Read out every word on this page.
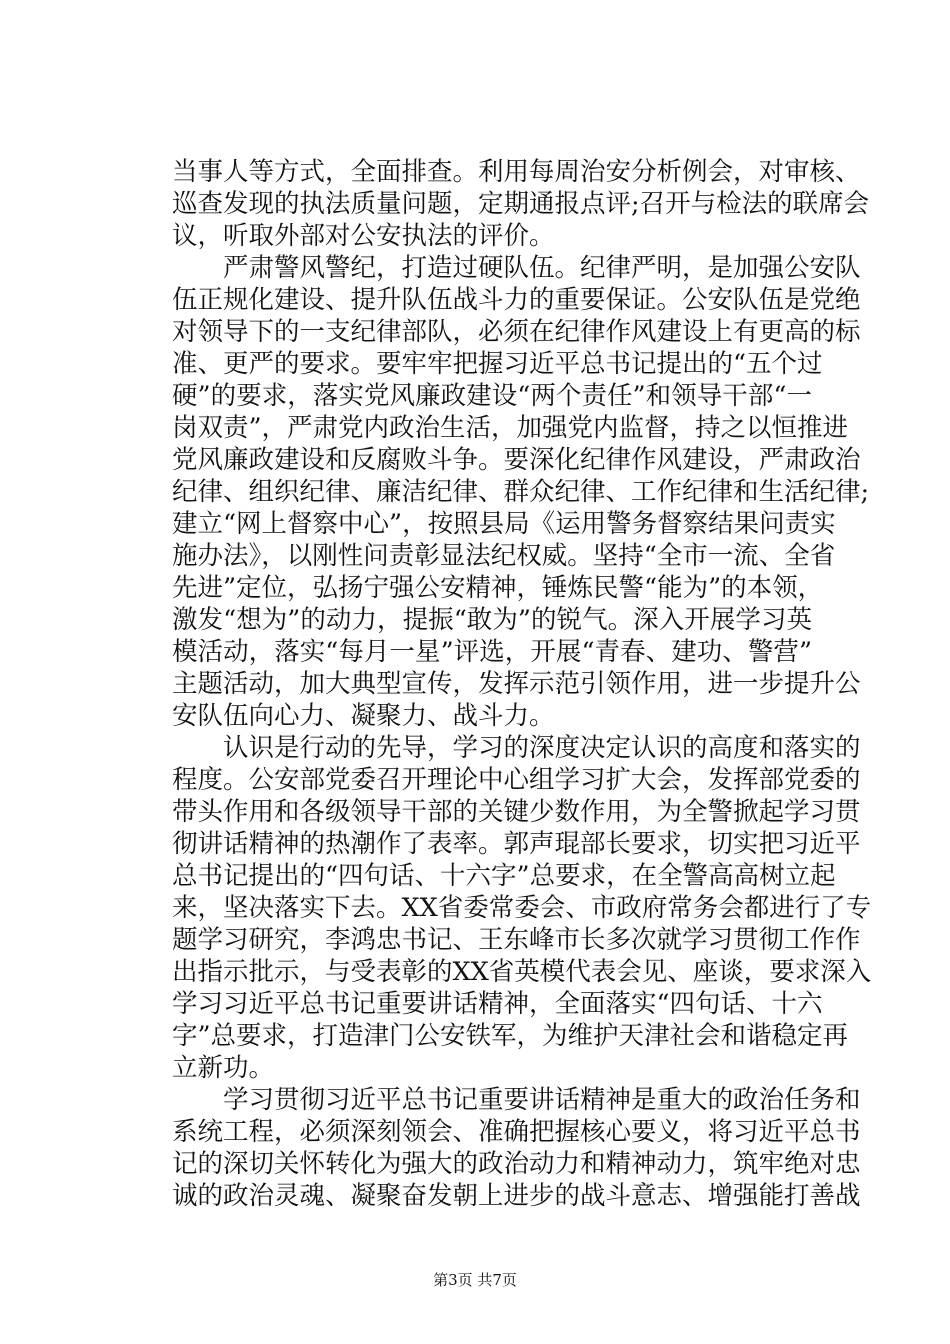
当事人等方式，全面排查。利用每周治安分析例会，对审核、
巡查发现的执法质量问题，定期通报点评;召开与检法的联席会
议，听取外部对公安执法的评价。
严肃警风警纪，打造过硬队伍。纪律严明，是加强公安队
伍正规化建设、提升队伍战斗力的重要保证。公安队伍是党绝
对领导下的一支纪律部队，必须在纪律作风建设上有更高的标
准、更严的要求。要牢牢把握习近平总书记提出的“五个过
硬”的要求，落实党风廉政建设“两个责任”和领导干部“一
岗双责”，严肃党内政治生活，加强党内监督，持之以恒推进
党风廉政建设和反腐败斗争。要深化纪律作风建设，严肃政治
纪律、组织纪律、廉洁纪律、群众纪律、工作纪律和生活纪律;
建立“网上督察中心”，按照县局《运用警务督察结果问责实
施办法》，以刚性问责彰显法纪权威。坚持“全市一流、全省
先进”定位，弘扬宁强公安精神，锤炼民警“能为”的本领，
激发“想为”的动力，提振“敢为”的锐气。深入开展学习英
模活动，落实“每月一星”评选，开展“青春、建功、警营”
主题活动，加大典型宣传，发挥示范引领作用，进一步提升公
安队伍向心力、凝聚力、战斗力。
认识是行动的先导，学习的深度决定认识的高度和落实的
程度。公安部党委召开理论中心组学习扩大会，发挥部党委的
带头作用和各级领导干部的关键少数作用，为全警掀起学习贯
彻讲话精神的热潮作了表率。郭声琨部长要求，切实把习近平
总书记提出的“四句话、十六字”总要求，在全警高高树立起
来，坚决落实下去。XX省委常委会、市政府常务会都进行了专
题学习研究，李鸿忠书记、王东峰市长多次就学习贯彻工作作
出指示批示，与受表彰的XX省英模代表会见、座谈，要求深入
学习习近平总书记重要讲话精神，全面落实“四句话、十六
字”总要求，打造津门公安铁军，为维护天津社会和谐稳定再
立新功。
学习贯彻习近平总书记重要讲话精神是重大的政治任务和
系统工程，必须深刻领会、准确把握核心要义，将习近平总书
记的深切关怀转化为强大的政治动力和精神动力，筑牢绝对忠
诚的政治灵魂、凝聚奋发朝上进步的战斗意志、增强能打善战
第3页 共7页
